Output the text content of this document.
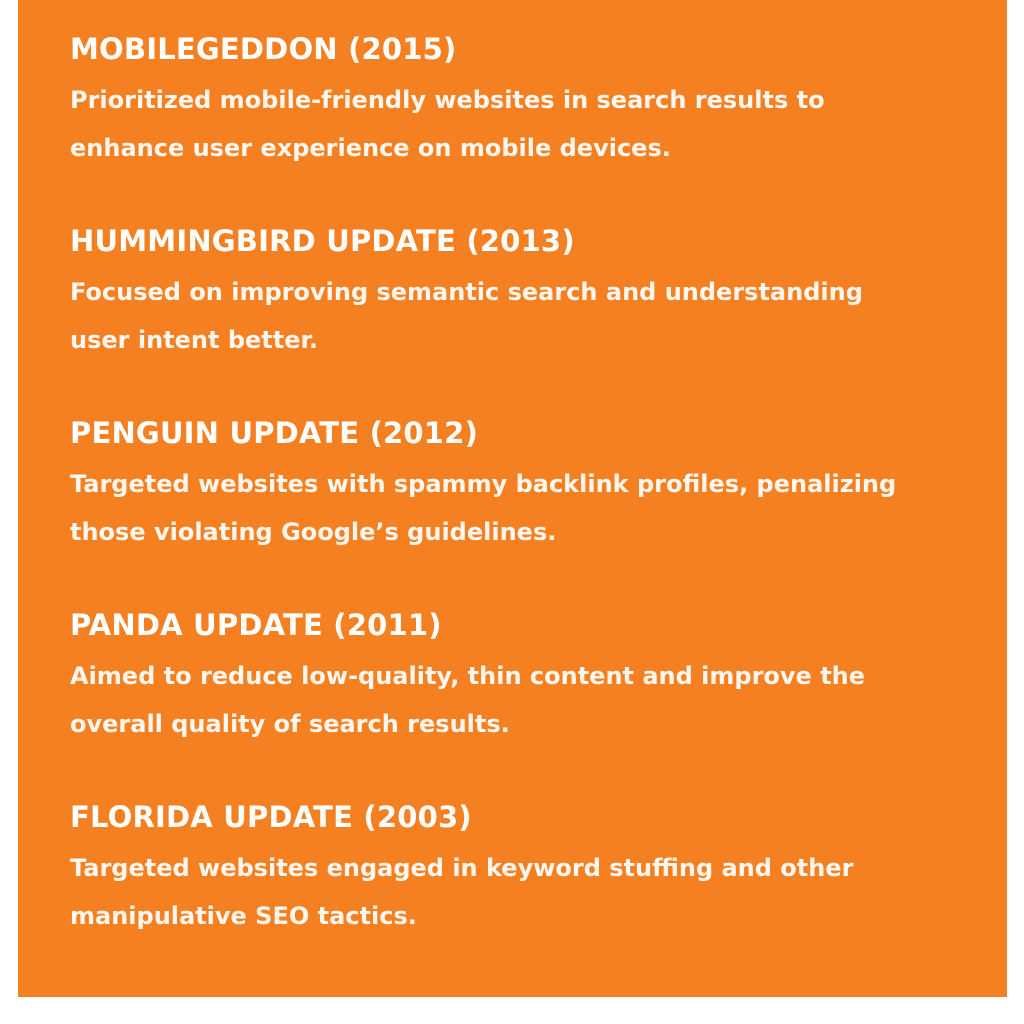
MOBILEGEDDON (2015)

Prioritized mobile-friendly websites in search results to
enhance user experience on mobile devices.

HUMMINGBIRD UPDATE (2013)

Focused on improving semantic search and understanding
user intent better.

PENGUIN UPDATE (2012)

Targeted websites with spammy backlink profiles, penalizing
those violating Google’s guidelines.

PANDA UPDATE (2011)

Aimed to reduce low-quality, thin content and improve the
overall quality of search results.

FLORIDA UPDATE (2003)

Targeted websites engaged in keyword stuffing and other
manipulative SEO tactics.
